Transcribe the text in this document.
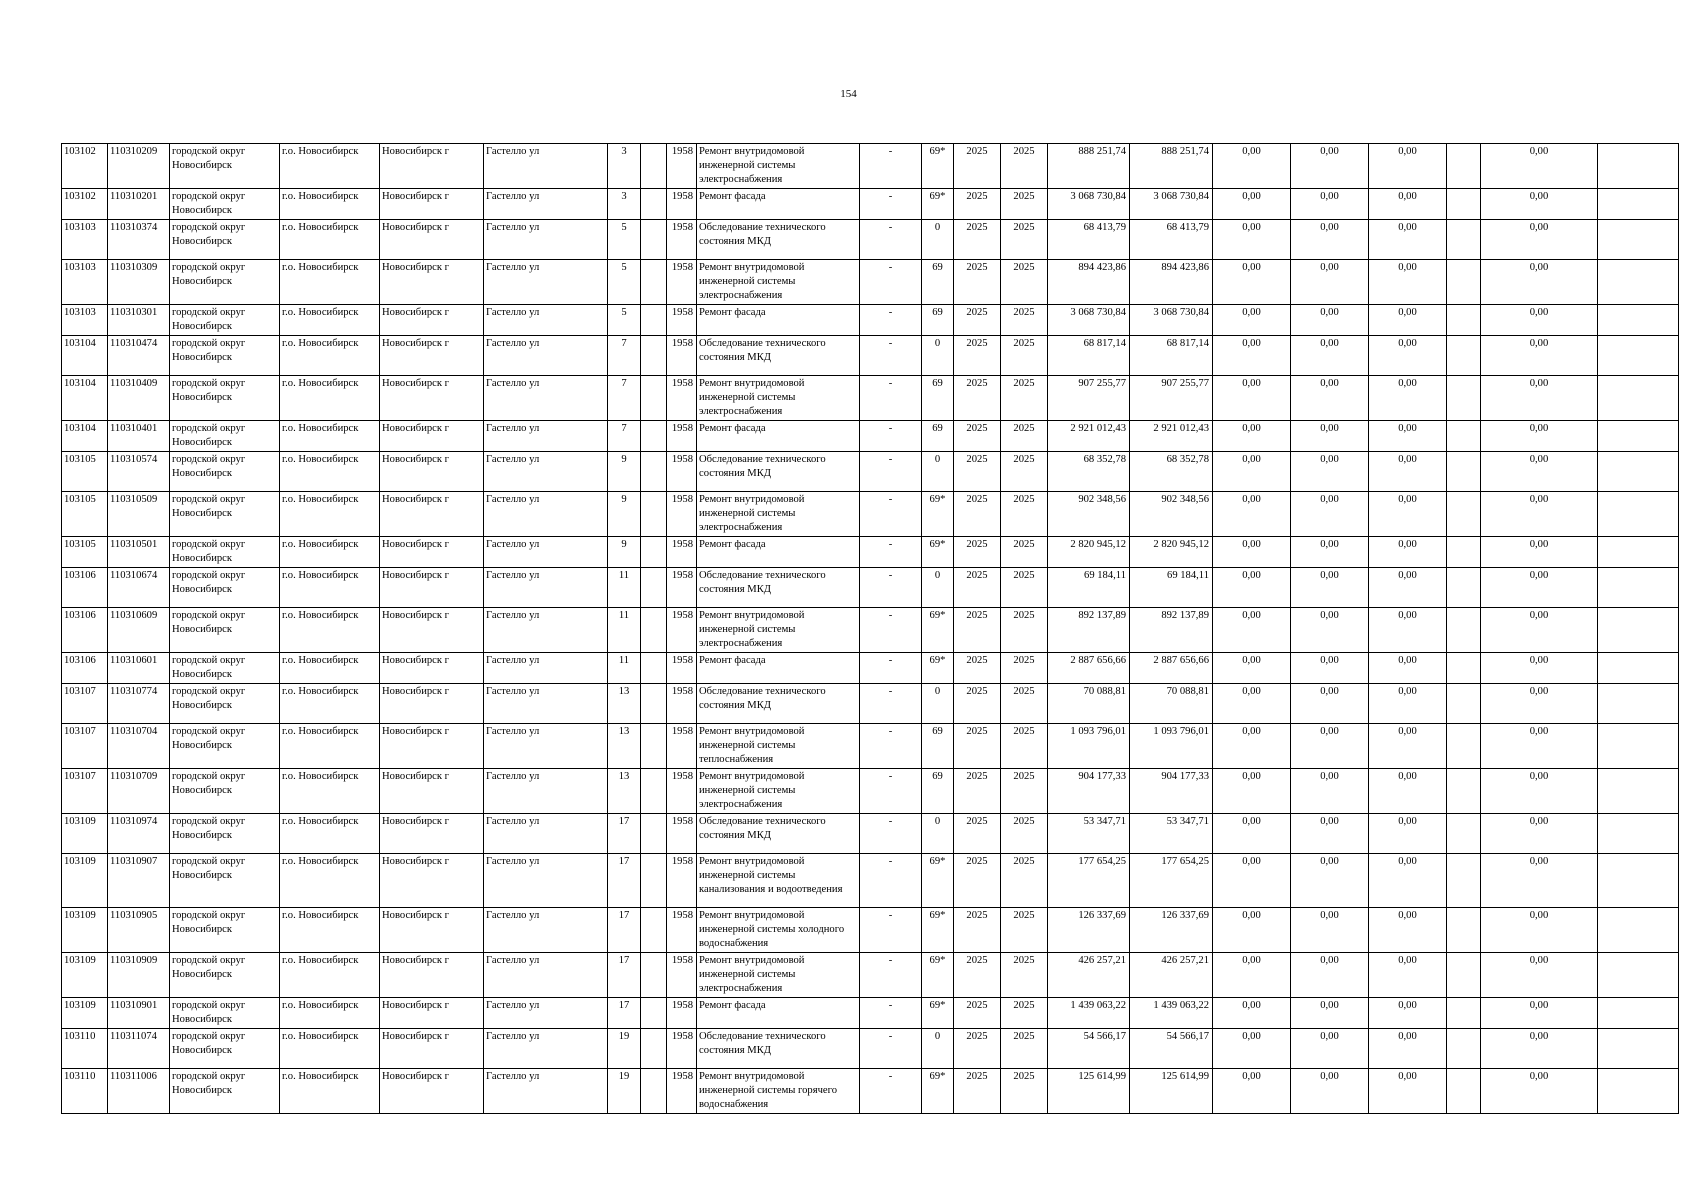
154
103102	110310209	городской округ Новосибирск	г.о. Новосибирск	Новосибирск г	Гастелло ул	3		1958	Ремонт внутридомовой инженерной системы электроснабжения	-	69*	2025	2025	888 251,74	888 251,74	0,00	0,00	0,00		0,00	
103102	110310201	городской округ Новосибирск	г.о. Новосибирск	Новосибирск г	Гастелло ул	3		1958	Ремонт фасада	-	69*	2025	2025	3 068 730,84	3 068 730,84	0,00	0,00	0,00		0,00	
103103	110310374	городской округ Новосибирск	г.о. Новосибирск	Новосибирск г	Гастелло ул	5		1958	Обследование технического состояния МКД	-	0	2025	2025	68 413,79	68 413,79	0,00	0,00	0,00		0,00	
103103	110310309	городской округ Новосибирск	г.о. Новосибирск	Новосибирск г	Гастелло ул	5		1958	Ремонт внутридомовой инженерной системы электроснабжения	-	69	2025	2025	894 423,86	894 423,86	0,00	0,00	0,00		0,00	
103103	110310301	городской округ Новосибирск	г.о. Новосибирск	Новосибирск г	Гастелло ул	5		1958	Ремонт фасада	-	69	2025	2025	3 068 730,84	3 068 730,84	0,00	0,00	0,00		0,00	
103104	110310474	городской округ Новосибирск	г.о. Новосибирск	Новосибирск г	Гастелло ул	7		1958	Обследование технического состояния МКД	-	0	2025	2025	68 817,14	68 817,14	0,00	0,00	0,00		0,00	
103104	110310409	городской округ Новосибирск	г.о. Новосибирск	Новосибирск г	Гастелло ул	7		1958	Ремонт внутридомовой инженерной системы электроснабжения	-	69	2025	2025	907 255,77	907 255,77	0,00	0,00	0,00		0,00	
103104	110310401	городской округ Новосибирск	г.о. Новосибирск	Новосибирск г	Гастелло ул	7		1958	Ремонт фасада	-	69	2025	2025	2 921 012,43	2 921 012,43	0,00	0,00	0,00		0,00	
103105	110310574	городской округ Новосибирск	г.о. Новосибирск	Новосибирск г	Гастелло ул	9		1958	Обследование технического состояния МКД	-	0	2025	2025	68 352,78	68 352,78	0,00	0,00	0,00		0,00	
103105	110310509	городской округ Новосибирск	г.о. Новосибирск	Новосибирск г	Гастелло ул	9		1958	Ремонт внутридомовой инженерной системы электроснабжения	-	69*	2025	2025	902 348,56	902 348,56	0,00	0,00	0,00		0,00	
103105	110310501	городской округ Новосибирск	г.о. Новосибирск	Новосибирск г	Гастелло ул	9		1958	Ремонт фасада	-	69*	2025	2025	2 820 945,12	2 820 945,12	0,00	0,00	0,00		0,00	
103106	110310674	городской округ Новосибирск	г.о. Новосибирск	Новосибирск г	Гастелло ул	11		1958	Обследование технического состояния МКД	-	0	2025	2025	69 184,11	69 184,11	0,00	0,00	0,00		0,00	
103106	110310609	городской округ Новосибирск	г.о. Новосибирск	Новосибирск г	Гастелло ул	11		1958	Ремонт внутридомовой инженерной системы электроснабжения	-	69*	2025	2025	892 137,89	892 137,89	0,00	0,00	0,00		0,00	
103106	110310601	городской округ Новосибирск	г.о. Новосибирск	Новосибирск г	Гастелло ул	11		1958	Ремонт фасада	-	69*	2025	2025	2 887 656,66	2 887 656,66	0,00	0,00	0,00		0,00	
103107	110310774	городской округ Новосибирск	г.о. Новосибирск	Новосибирск г	Гастелло ул	13		1958	Обследование технического состояния МКД	-	0	2025	2025	70 088,81	70 088,81	0,00	0,00	0,00		0,00	
103107	110310704	городской округ Новосибирск	г.о. Новосибирск	Новосибирск г	Гастелло ул	13		1958	Ремонт внутридомовой инженерной системы теплоснабжения	-	69	2025	2025	1 093 796,01	1 093 796,01	0,00	0,00	0,00		0,00	
103107	110310709	городской округ Новосибирск	г.о. Новосибирск	Новосибирск г	Гастелло ул	13		1958	Ремонт внутридомовой инженерной системы электроснабжения	-	69	2025	2025	904 177,33	904 177,33	0,00	0,00	0,00		0,00	
103109	110310974	городской округ Новосибирск	г.о. Новосибирск	Новосибирск г	Гастелло ул	17		1958	Обследование технического состояния МКД	-	0	2025	2025	53 347,71	53 347,71	0,00	0,00	0,00		0,00	
103109	110310907	городской округ Новосибирск	г.о. Новосибирск	Новосибирск г	Гастелло ул	17		1958	Ремонт внутридомовой инженерной системы канализования и водоотведения	-	69*	2025	2025	177 654,25	177 654,25	0,00	0,00	0,00		0,00	
103109	110310905	городской округ Новосибирск	г.о. Новосибирск	Новосибирск г	Гастелло ул	17		1958	Ремонт внутридомовой инженерной системы холодного водоснабжения	-	69*	2025	2025	126 337,69	126 337,69	0,00	0,00	0,00		0,00	
103109	110310909	городской округ Новосибирск	г.о. Новосибирск	Новосибирск г	Гастелло ул	17		1958	Ремонт внутридомовой инженерной системы электроснабжения	-	69*	2025	2025	426 257,21	426 257,21	0,00	0,00	0,00		0,00	
103109	110310901	городской округ Новосибирск	г.о. Новосибирск	Новосибирск г	Гастелло ул	17		1958	Ремонт фасада	-	69*	2025	2025	1 439 063,22	1 439 063,22	0,00	0,00	0,00		0,00	
103110	110311074	городской округ Новосибирск	г.о. Новосибирск	Новосибирск г	Гастелло ул	19		1958	Обследование технического состояния МКД	-	0	2025	2025	54 566,17	54 566,17	0,00	0,00	0,00		0,00	
103110	110311006	городской округ Новосибирск	г.о. Новосибирск	Новосибирск г	Гастелло ул	19		1958	Ремонт внутридомовой инженерной системы горячего водоснабжения	-	69*	2025	2025	125 614,99	125 614,99	0,00	0,00	0,00		0,00	
